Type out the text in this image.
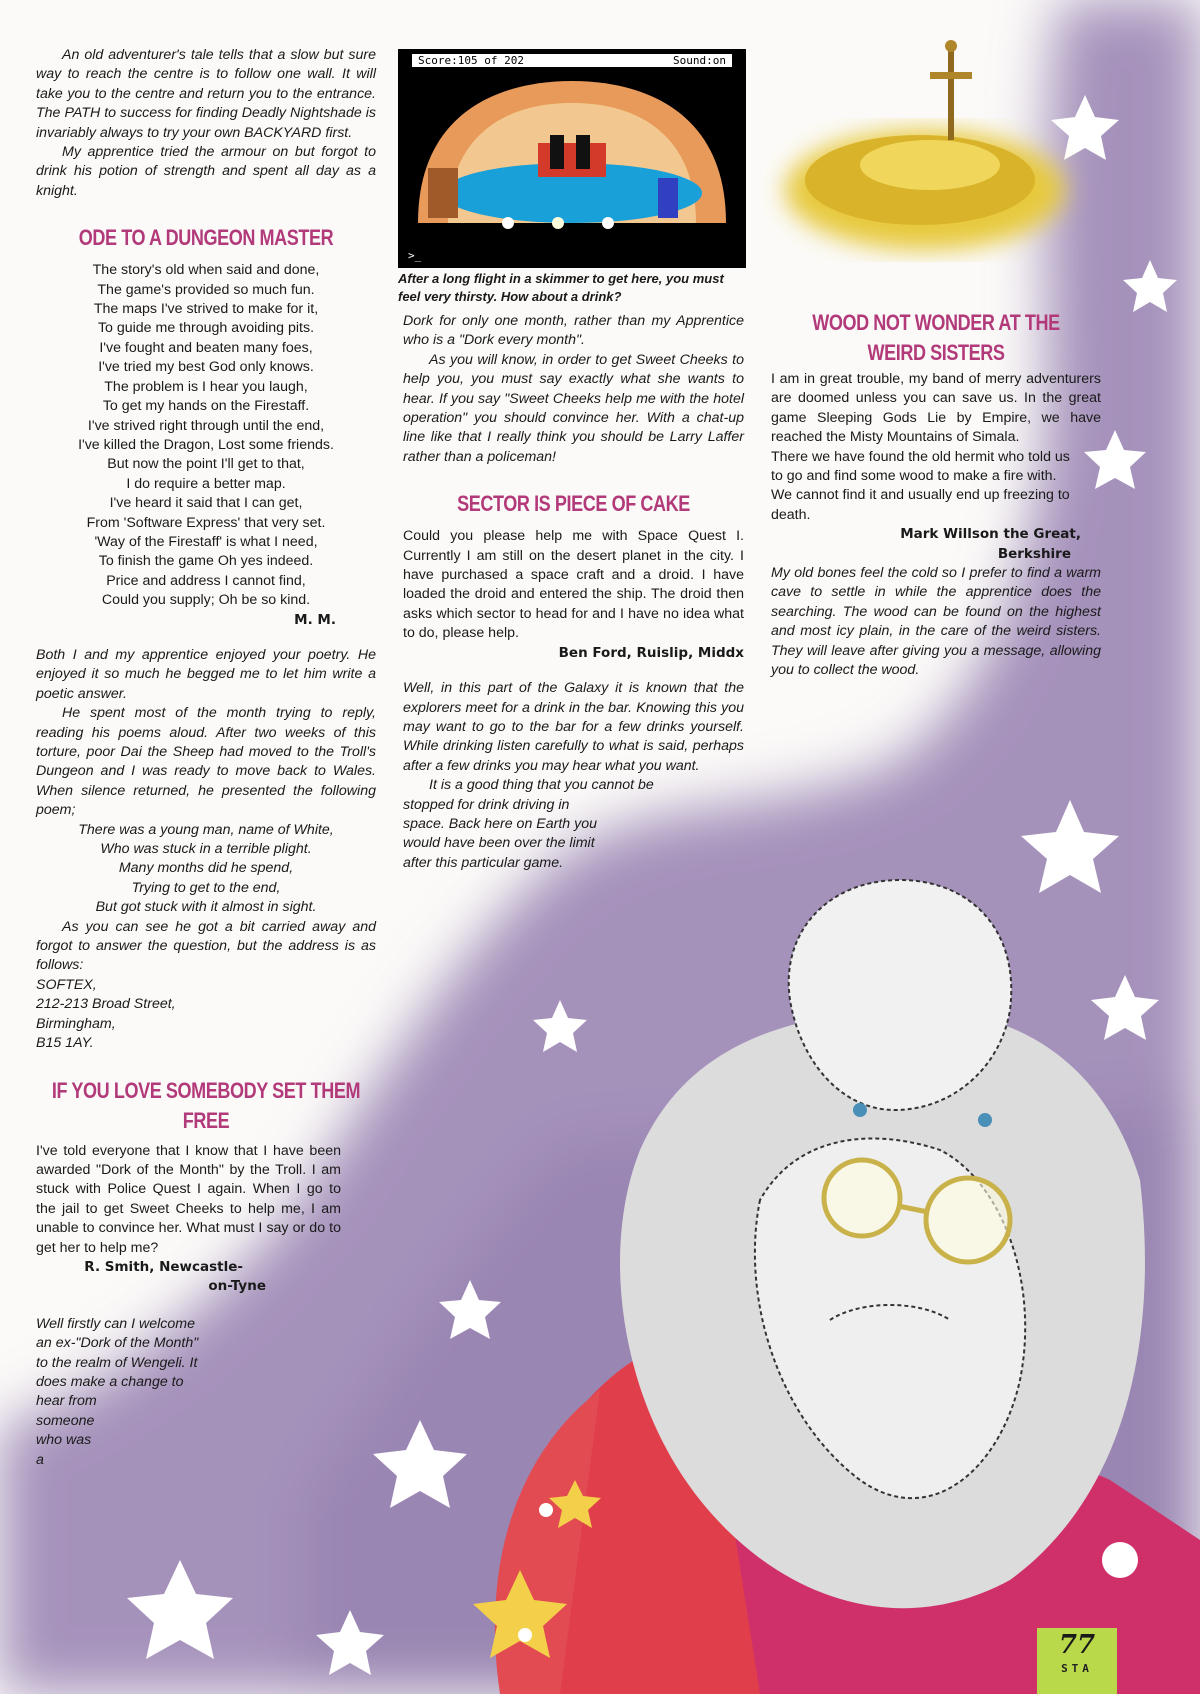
An old adventurer's tale tells that a slow but sure way to reach the centre is to follow one wall. It will take you to the centre and return you to the entrance. The PATH to success for finding Deadly Nightshade is invariably always to try your own BACKYARD first.

My apprentice tried the armour on but forgot to drink his potion of strength and spent all day as a knight.

ODE TO A DUNGEON MASTER

The story's old when said and done,
The game's provided so much fun.
The maps I've strived to make for it,
To guide me through avoiding pits.
I've fought and beaten many foes,
I've tried my best God only knows.
The problem is I hear you laugh,
To get my hands on the Firestaff.
I've strived right through until the end,
I've killed the Dragon, Lost some friends.
But now the point I'll get to that,
I do require a better map.
I've heard it said that I can get,
From 'Software Express' that very set.
'Way of the Firestaff' is what I need,
To finish the game Oh yes indeed.
Price and address I cannot find,
Could you supply; Oh be so kind.

M. M.

Both I and my apprentice enjoyed your poetry. He enjoyed it so much he begged me to let him write a poetic answer.

He spent most of the month trying to reply, reading his poems aloud. After two weeks of this torture, poor Dai the Sheep had moved to the Troll's Dungeon and I was ready to move back to Wales. When silence returned, he presented the following poem;

There was a young man, name of White,
Who was stuck in a terrible plight.
Many months did he spend,
Trying to get to the end,
But got stuck with it almost in sight.

As you can see he got a bit carried away and forgot to answer the question, but the address is as follows:

SOFTEX,
212-213 Broad Street,
Birmingham,
B15 1AY.

IF YOU LOVE SOMEBODY SET THEM FREE

I've told everyone that I know that I have been awarded "Dork of the Month" by the Troll. I am stuck with Police Quest I again. When I go to the jail to get Sweet Cheeks to help me, I am unable to convince her. What must I say or do to get her to help me?

R. Smith, Newcastle-

on-Tyne

Well firstly can I welcome
an ex-"Dork of the Month"
to the realm of Wengeli. It
does make a change to
hear from
someone
who was
a
Score:105 of 202	Sound:on
>_
After a long flight in a skimmer to get here, you must feel very thirsty. How about a drink?

Dork for only one month, rather than my Apprentice who is a "Dork every month".

As you will know, in order to get Sweet Cheeks to help you, you must say exactly what she wants to hear. If you say "Sweet Cheeks help me with the hotel operation" you should convince her. With a chat-up line like that I really think you should be Larry Laffer rather than a policeman!

SECTOR IS PIECE OF CAKE

Could you please help me with Space Quest I. Currently I am still on the desert planet in the city. I have purchased a space craft and a droid. I have loaded the droid and entered the ship. The droid then asks which sector to head for and I have no idea what to do, please help.

Ben Ford, Ruislip, Middx

Well, in this part of the Galaxy it is known that the explorers meet for a drink in the bar. Knowing this you may want to go to the bar for a few drinks yourself. While drinking listen carefully to what is said, perhaps after a few drinks you may hear what you want.

It is a good thing that you cannot be
stopped for drink driving in
space. Back here on Earth you
would have been over the limit
after this particular game.

WOOD NOT WONDER AT THE

WEIRD SISTERS

I am in great trouble, my band of merry adventurers are doomed unless you can save us. In the great game Sleeping Gods Lie by Empire, we have reached the Misty Mountains of Simala.

There we have found the old hermit who told us to go and find some wood to make a fire with. We cannot find it and usually end up freezing to death.

Mark Willson the Great,

Berkshire

My old bones feel the cold so I prefer to find a warm cave to settle in while the apprentice does the searching. The wood can be found on the highest and most icy plain, in the care of the weird sisters. They will leave after giving you a message, allowing you to collect the wood.

77
STA
